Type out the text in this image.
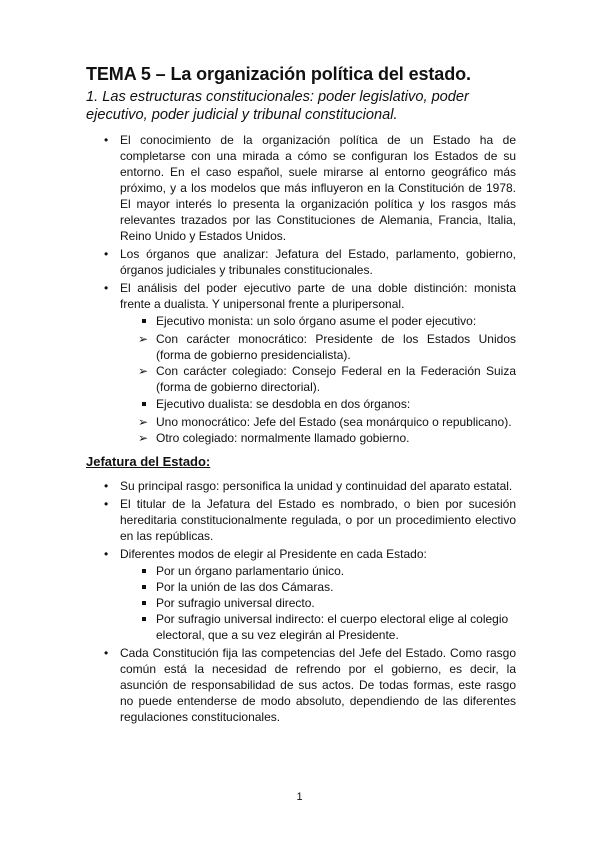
TEMA 5 – La organización política del estado.
1. Las estructuras constitucionales: poder legislativo, poder ejecutivo, poder judicial y tribunal constitucional.
• El conocimiento de la organización política de un Estado ha de completarse con una mirada a cómo se configuran los Estados de su entorno. En el caso español, suele mirarse al entorno geográfico más próximo, y a los modelos que más influyeron en la Constitución de 1978. El mayor interés lo presenta la organización política y los rasgos más relevantes trazados por las Constituciones de Alemania, Francia, Italia, Reino Unido y Estados Unidos.
• Los órganos que analizar: Jefatura del Estado, parlamento, gobierno, órganos judiciales y tribunales constitucionales.
• El análisis del poder ejecutivo parte de una doble distinción: monista frente a dualista. Y unipersonal frente a pluripersonal.
Ejecutivo monista: un solo órgano asume el poder ejecutivo:
➢ Con carácter monocrático: Presidente de los Estados Unidos (forma de gobierno presidencialista).
➢ Con carácter colegiado: Consejo Federal en la Federación Suiza (forma de gobierno directorial).
Ejecutivo dualista: se desdobla en dos órganos:
➢ Uno monocrático: Jefe del Estado (sea monárquico o republicano).
➢ Otro colegiado: normalmente llamado gobierno.
Jefatura del Estado:
• Su principal rasgo: personifica la unidad y continuidad del aparato estatal.
• El titular de la Jefatura del Estado es nombrado, o bien por sucesión hereditaria constitucionalmente regulada, o por un procedimiento electivo en las repúblicas.
• Diferentes modos de elegir al Presidente en cada Estado:
Por un órgano parlamentario único.
Por la unión de las dos Cámaras.
Por sufragio universal directo.
Por sufragio universal indirecto: el cuerpo electoral elige al colegio electoral, que a su vez elegirán al Presidente.
• Cada Constitución fija las competencias del Jefe del Estado. Como rasgo común está la necesidad de refrendo por el gobierno, es decir, la asunción de responsabilidad de sus actos. De todas formas, este rasgo no puede entenderse de modo absoluto, dependiendo de las diferentes regulaciones constitucionales.
1
